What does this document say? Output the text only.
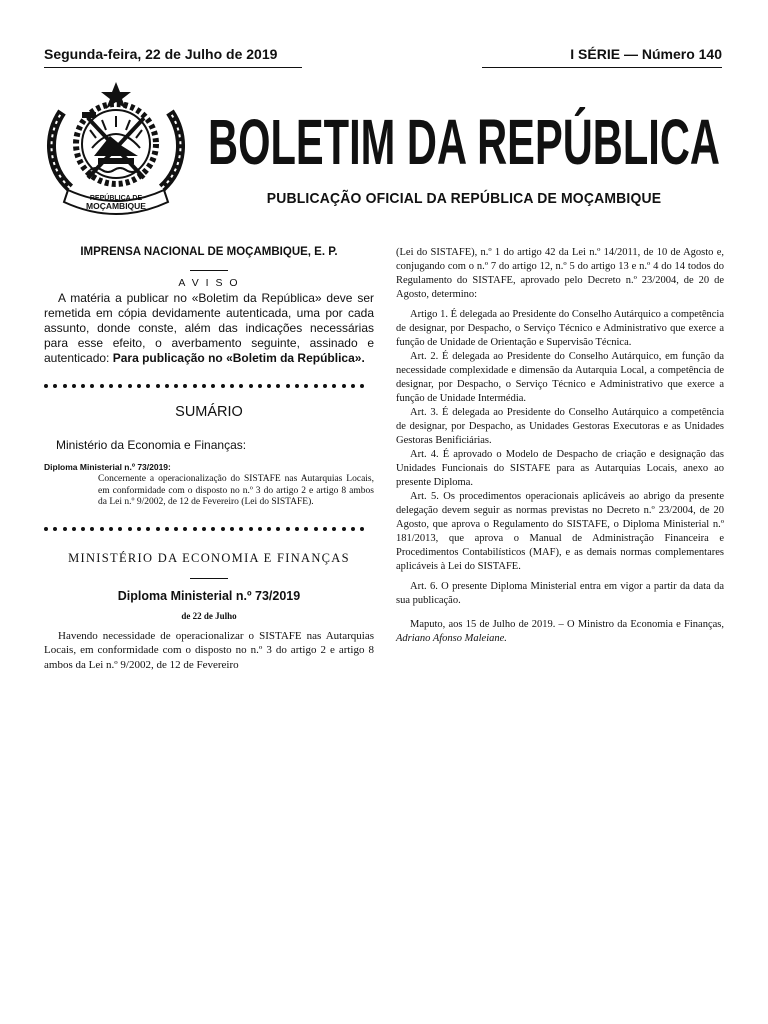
Segunda-feira, 22 de Julho de 2019	I SÉRIE — Número 140
REPÚBLICA DE
MOÇAMBIQUE
BOLETIM DA REPÚBLICA
PUBLICAÇÃO OFICIAL DA REPÚBLICA DE MOÇAMBIQUE

IMPRENSA NACIONAL DE MOÇAMBIQUE, E. P.

A V I S O

A matéria a publicar no «Boletim da República» deve ser remetida em cópia devidamente autenticada, uma por cada assunto, donde conste, além das indicações necessárias para esse efeito, o averbamento seguinte, assinado e autenticado: Para publicação no «Boletim da República».

SUMÁRIO

Ministério da Economia e Finanças:

Diploma Ministerial n.º 73/2019:

Concernente a operacionalização do SISTAFE nas Autarquias Locais, em conformidade com o disposto no n.º 3 do artigo 2 e artigo 8 ambos da Lei n.º 9/2002, de 12 de Fevereiro (Lei do SISTAFE).

MINISTÉRIO DA ECONOMIA E FINANÇAS

Diploma Ministerial n.º 73/2019

de 22 de Julho

Havendo necessidade de operacionalizar o SISTAFE nas Autarquias Locais, em conformidade com o disposto no n.º 3 do artigo 2 e artigo 8 ambos da Lei n.º 9/2002, de 12 de Fevereiro

(Lei do SISTAFE), n.º 1 do artigo 42 da Lei n.º 14/2011, de 10 de Agosto e, conjugando com o n.º 7 do artigo 12, n.º 5 do artigo 13 e n.º 4 do 14 todos do Regulamento do SISTAFE, aprovado pelo Decreto n.º 23/2004, de 20 de Agosto, determino:

Artigo 1. É delegada ao Presidente do Conselho Autárquico a competência de designar, por Despacho, o Serviço Técnico e Administrativo que exerce a função de Unidade de Orientação e Supervisão Técnica.

Art. 2. É delegada ao Presidente do Conselho Autárquico, em função da necessidade complexidade e dimensão da Autarquia Local, a competência de designar, por Despacho, o Serviço Técnico e Administrativo que exerce a função de Unidade Intermédia.

Art. 3. É delegada ao Presidente do Conselho Autárquico a competência de designar, por Despacho, as Unidades Gestoras Executoras e as Unidades Gestoras Benificiárias.

Art. 4. É aprovado o Modelo de Despacho de criação e designação das Unidades Funcionais do SISTAFE para as Autarquias Locais, anexo ao presente Diploma.

Art. 5. Os procedimentos operacionais aplicáveis ao abrigo da presente delegação devem seguir as normas previstas no Decreto n.º 23/2004, de 20 Agosto, que aprova o Regulamento do SISTAFE, o Diploma Ministerial n.º 181/2013, que aprova o Manual de Administração Financeira e Procedimentos Contabilísticos (MAF), e as demais normas complementares aplicáveis à Lei do SISTAFE.

Art. 6. O presente Diploma Ministerial entra em vigor a partir da data da sua publicação.

Maputo, aos 15 de Julho de 2019. – O Ministro da Economia e Finanças, Adriano Afonso Maleiane.
